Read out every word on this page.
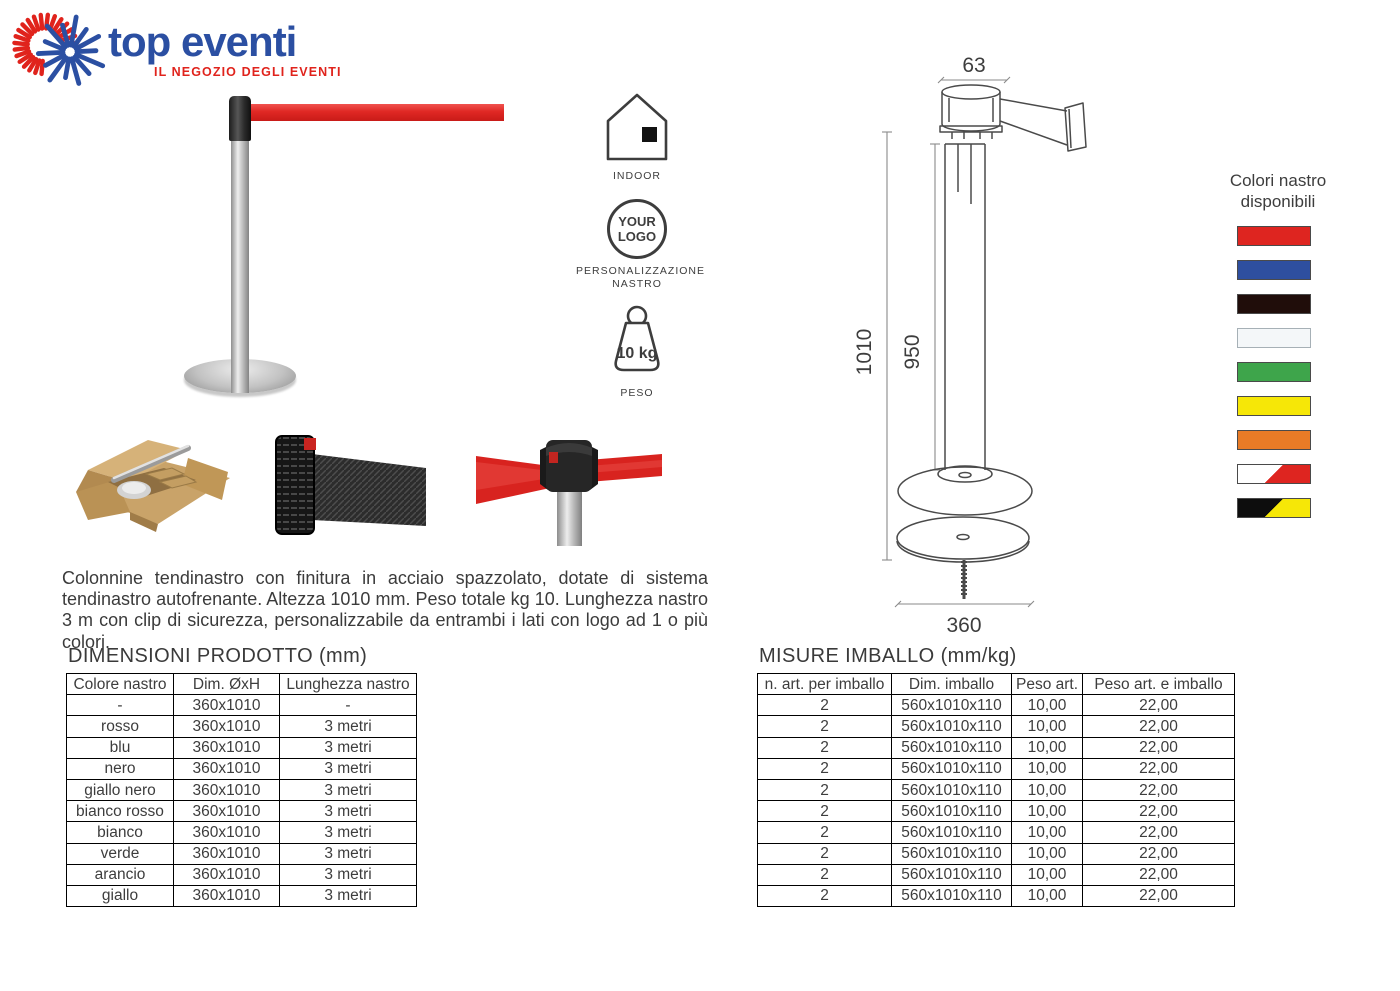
top eventi
IL NEGOZIO DEGLI EVENTI
INDOOR
YOUR LOGO
PERSONALIZZAZIONE NASTRO
10 kg
PESO
63
1010 950
360
Colori nastro disponibili

Colonnine tendinastro con finitura in acciaio spazzolato, dotate di sistema tendinastro autofrenante. Altezza 1010 mm. Peso totale kg 10. Lunghezza nastro 3 m con clip di sicurezza, personalizzabile da entrambi i lati con logo ad 1 o più colori.

DIMENSIONI PRODOTTO (mm)
Colore nastro	Dim. ØxH	Lunghezza nastro
-	360x1010	-
rosso	360x1010	3 metri
blu	360x1010	3 metri
nero	360x1010	3 metri
giallo nero	360x1010	3 metri
bianco rosso	360x1010	3 metri
bianco	360x1010	3 metri
verde	360x1010	3 metri
arancio	360x1010	3 metri
giallo	360x1010	3 metri
MISURE IMBALLO (mm/kg)
n. art. per imballo	Dim. imballo	Peso art.	Peso art. e imballo
2	560x1010x110	10,00	22,00
2	560x1010x110	10,00	22,00
2	560x1010x110	10,00	22,00
2	560x1010x110	10,00	22,00
2	560x1010x110	10,00	22,00
2	560x1010x110	10,00	22,00
2	560x1010x110	10,00	22,00
2	560x1010x110	10,00	22,00
2	560x1010x110	10,00	22,00
2	560x1010x110	10,00	22,00
